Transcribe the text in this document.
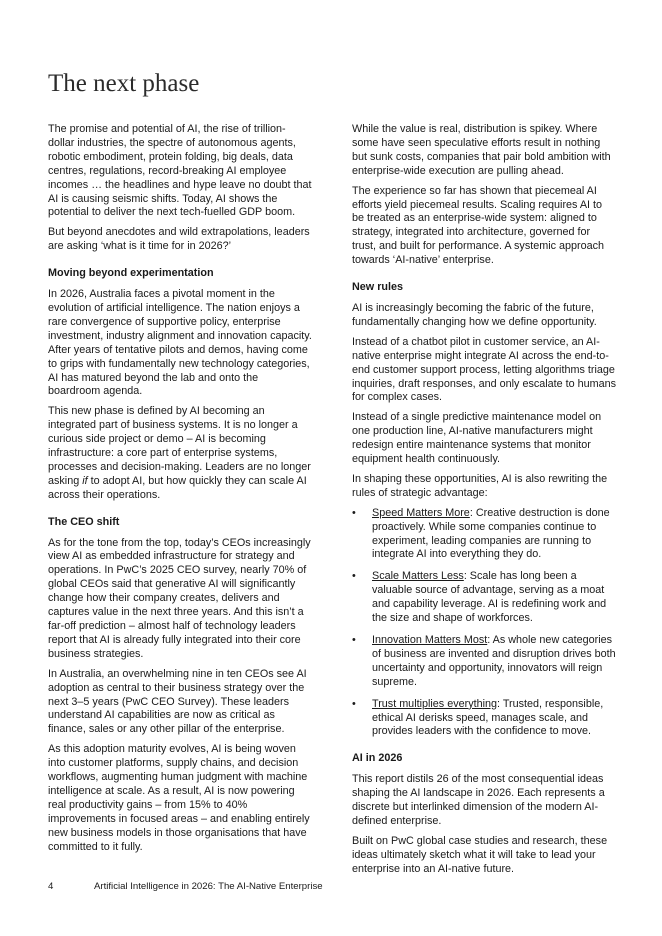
The next phase

The promise and potential of AI, the rise of trillion-dollar industries, the spectre of autonomous agents, robotic embodiment, protein folding, big deals, data centres, regulations, record-breaking AI employee incomes … the headlines and hype leave no doubt that AI is causing seismic shifts. Today, AI shows the potential to deliver the next tech-fuelled GDP boom.

But beyond anecdotes and wild extrapolations, leaders are asking ‘what is it time for in 2026?’

Moving beyond experimentation

In 2026, Australia faces a pivotal moment in the evolution of artificial intelligence. The nation enjoys a rare convergence of supportive policy, enterprise investment, industry alignment and innovation capacity. After years of tentative pilots and demos, having come to grips with fundamentally new technology categories, AI has matured beyond the lab and onto the boardroom agenda.

This new phase is defined by AI becoming an integrated part of business systems. It is no longer a curious side project or demo – AI is becoming infrastructure: a core part of enterprise systems, processes and decision-making. Leaders are no longer asking if to adopt AI, but how quickly they can scale AI across their operations.

The CEO shift

As for the tone from the top, today’s CEOs increasingly view AI as embedded infrastructure for strategy and operations. In PwC’s 2025 CEO survey, nearly 70% of global CEOs said that generative AI will significantly change how their company creates, delivers and captures value in the next three years. And this isn’t a far-off prediction – almost half of technology leaders report that AI is already fully integrated into their core business strategies.

In Australia, an overwhelming nine in ten CEOs see AI adoption as central to their business strategy over the next 3–5 years (PwC CEO Survey). These leaders understand AI capabilities are now as critical as finance, sales or any other pillar of the enterprise.

As this adoption maturity evolves, AI is being woven into customer platforms, supply chains, and decision workflows, augmenting human judgment with machine intelligence at scale. As a result, AI is now powering real productivity gains – from 15% to 40% improvements in focused areas – and enabling entirely new business models in those organisations that have committed to it fully.

While the value is real, distribution is spikey. Where some have seen speculative efforts result in nothing but sunk costs, companies that pair bold ambition with enterprise-wide execution are pulling ahead.

The experience so far has shown that piecemeal AI efforts yield piecemeal results. Scaling requires AI to be treated as an enterprise-wide system: aligned to strategy, integrated into architecture, governed for trust, and built for performance. A systemic approach towards ‘AI-native’ enterprise.

New rules

AI is increasingly becoming the fabric of the future, fundamentally changing how we define opportunity.

Instead of a chatbot pilot in customer service, an AI-native enterprise might integrate AI across the end-to-end customer support process, letting algorithms triage inquiries, draft responses, and only escalate to humans for complex cases.

Instead of a single predictive maintenance model on one production line, AI-native manufacturers might redesign entire maintenance systems that monitor equipment health continuously.

In shaping these opportunities, AI is also rewriting the rules of strategic advantage:

• Speed Matters More: Creative destruction is done proactively. While some companies continue to experiment, leading companies are running to integrate AI into everything they do.
• Scale Matters Less: Scale has long been a valuable source of advantage, serving as a moat and capability leverage. AI is redefining work and the size and shape of workforces.
• Innovation Matters Most: As whole new categories of business are invented and disruption drives both uncertainty and opportunity, innovators will reign supreme.
• Trust multiplies everything: Trusted, responsible, ethical AI derisks speed, manages scale, and provides leaders with the confidence to move.
AI in 2026

This report distils 26 of the most consequential ideas shaping the AI landscape in 2026. Each represents a discrete but interlinked dimension of the modern AI-defined enterprise.

Built on PwC global case studies and research, these ideas ultimately sketch what it will take to lead your enterprise into an AI-native future.

4	Artificial Intelligence in 2026: The AI-Native Enterprise
